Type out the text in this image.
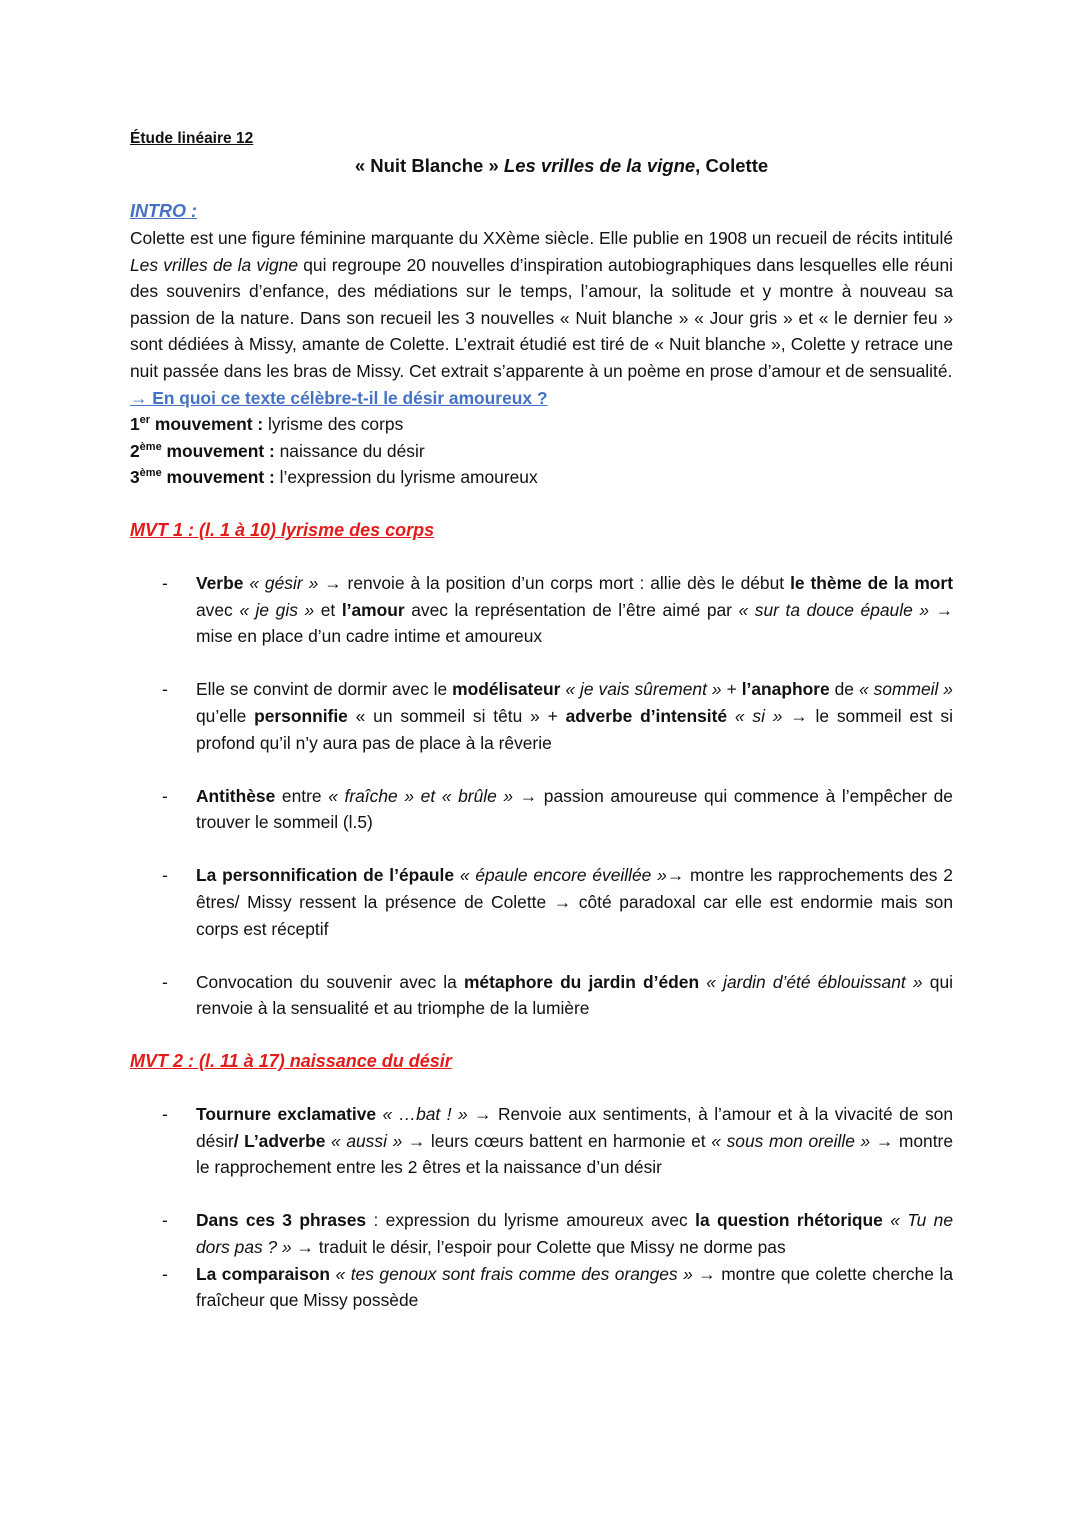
Étude linéaire 12
« Nuit Blanche » Les vrilles de la vigne, Colette
INTRO :

Colette est une figure féminine marquante du XXème siècle. Elle publie en 1908 un recueil de récits intitulé Les vrilles de la vigne qui regroupe 20 nouvelles d’inspiration autobiographiques dans lesquelles elle réuni des souvenirs d’enfance, des médiations sur le temps, l’amour, la solitude et y montre à nouveau sa passion de la nature. Dans son recueil les 3 nouvelles « Nuit blanche » « Jour gris » et « le dernier feu » sont dédiées à Missy, amante de Colette. L’extrait étudié est tiré de « Nuit blanche », Colette y retrace une nuit passée dans les bras de Missy. Cet extrait s’apparente à un poème en prose d’amour et de sensualité.

→ En quoi ce texte célèbre-t-il le désir amoureux ?
1er mouvement : lyrisme des corps
2ème mouvement : naissance du désir
3ème mouvement : l’expression du lyrisme amoureux
MVT 1 : (l. 1 à 10) lyrisme des corps
- Verbe « gésir » → renvoie à la position d’un corps mort : allie dès le début le thème de la mort avec « je gis » et l’amour avec la représentation de l’être aimé par « sur ta douce épaule » → mise en place d’un cadre intime et amoureux
- Elle se convint de dormir avec le modélisateur « je vais sûrement » + l’anaphore de « sommeil » qu’elle personnifie « un sommeil si têtu » + adverbe d’intensité « si » → le sommeil est si profond qu’il n’y aura pas de place à la rêverie
- Antithèse entre « fraîche » et « brûle » → passion amoureuse qui commence à l’empêcher de trouver le sommeil (l.5)
- La personnification de l’épaule « épaule encore éveillée »→ montre les rapprochements des 2 êtres/ Missy ressent la présence de Colette → côté paradoxal car elle est endormie mais son corps est réceptif
- Convocation du souvenir avec la métaphore du jardin d’éden « jardin d’été éblouissant » qui renvoie à la sensualité et au triomphe de la lumière
MVT 2 : (l. 11 à 17) naissance du désir
- Tournure exclamative « …bat ! » → Renvoie aux sentiments, à l’amour et à la vivacité de son désir/ L’adverbe « aussi » → leurs cœurs battent en harmonie et « sous mon oreille » → montre le rapprochement entre les 2 êtres et la naissance d’un désir
- Dans ces 3 phrases : expression du lyrisme amoureux avec la question rhétorique « Tu ne dors pas ? » → traduit le désir, l’espoir pour Colette que Missy ne dorme pas
- La comparaison « tes genoux sont frais comme des oranges » → montre que colette cherche la fraîcheur que Missy possède
